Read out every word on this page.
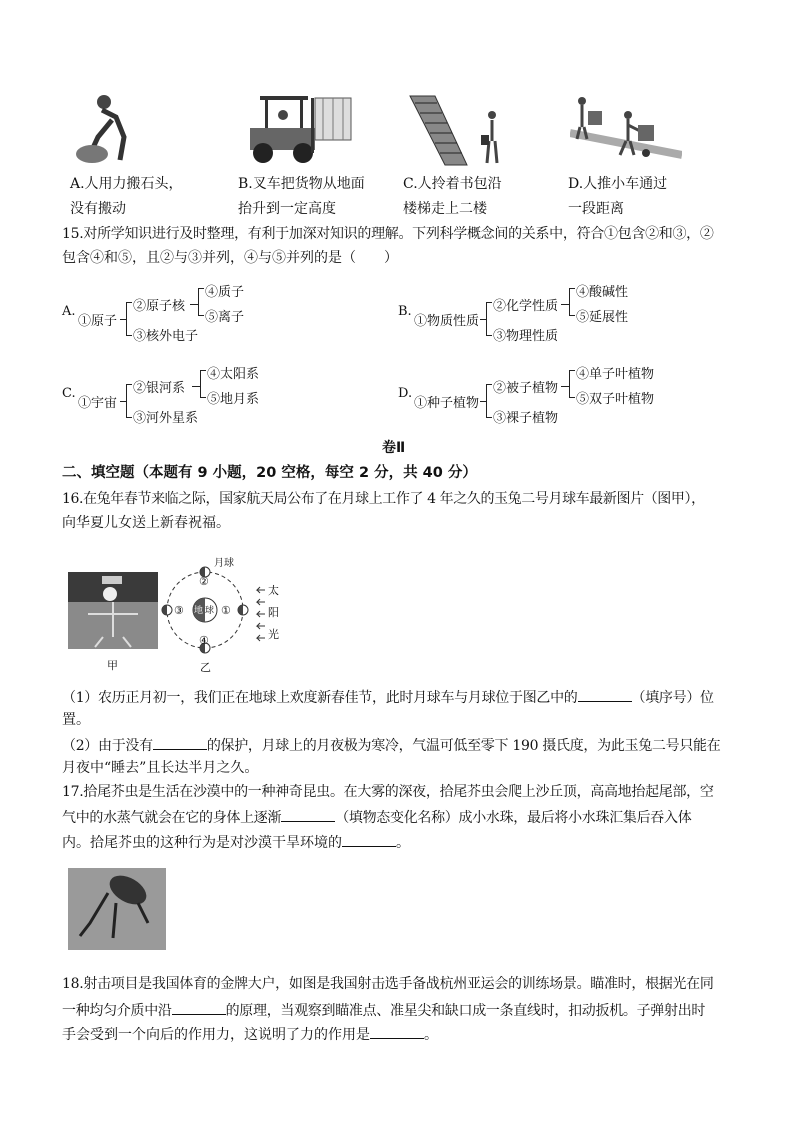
A.人用力搬石头，
没有搬动
B.叉车把货物从地面
抬升到一定高度
C.人拎着书包沿
楼梯走上二楼
D.人推小车通过
一段距离
15.对所学知识进行及时整理，有利于加深对知识的理解。下列科学概念间的关系中，符合①包含②和③，②
包含④和⑤，且②与③并列，④与⑤并列的是（　　）
A.
①原子
②原子核
③核外电子
④质子
⑤离子	B.
①物质性质
②化学性质
③物理性质
④酸碱性
⑤延展性
C.
①宇宙
②银河系
③河外星系
④太阳系
⑤地月系	D.
①种子植物
②被子植物
③裸子植物
④单子叶植物
⑤双子叶植物
卷Ⅱ
二、填空题（本题有 9 小题，20 空格，每空 2 分，共 40 分）
16.在兔年春节来临之际，国家航天局公布了在月球上工作了 4 年之久的玉兔二号月球车最新图片（图甲），
向华夏儿女送上新春祝福。
甲
月球
②
①
③
④
地 球
太
阳
光
乙
（1）农历正月初一，我们正在地球上欢度新春佳节，此时月球车与月球位于图乙中的	（填序号）位
置。
（2）由于没有	的保护，月球上的月夜极为寒冷，气温可低至零下 190 摄氏度，为此玉兔二号只能在
月夜中“睡去”且长达半月之久。
17.拾尾芥虫是生活在沙漠中的一种神奇昆虫。在大雾的深夜，拾尾芥虫会爬上沙丘顶，高高地抬起尾部，空
气中的水蒸气就会在它的身体上逐渐	（填物态变化名称）成小水珠，最后将小水珠汇集后吞入体
内。拾尾芥虫的这种行为是对沙漠干旱环境的	。
18.射击项目是我国体育的金牌大户，如图是我国射击选手备战杭州亚运会的训练场景。瞄准时，根据光在同
一种均匀介质中沿	的原理，当观察到瞄准点、准星尖和缺口成一条直线时，扣动扳机。子弹射出时
手会受到一个向后的作用力，这说明了力的作用是	。
